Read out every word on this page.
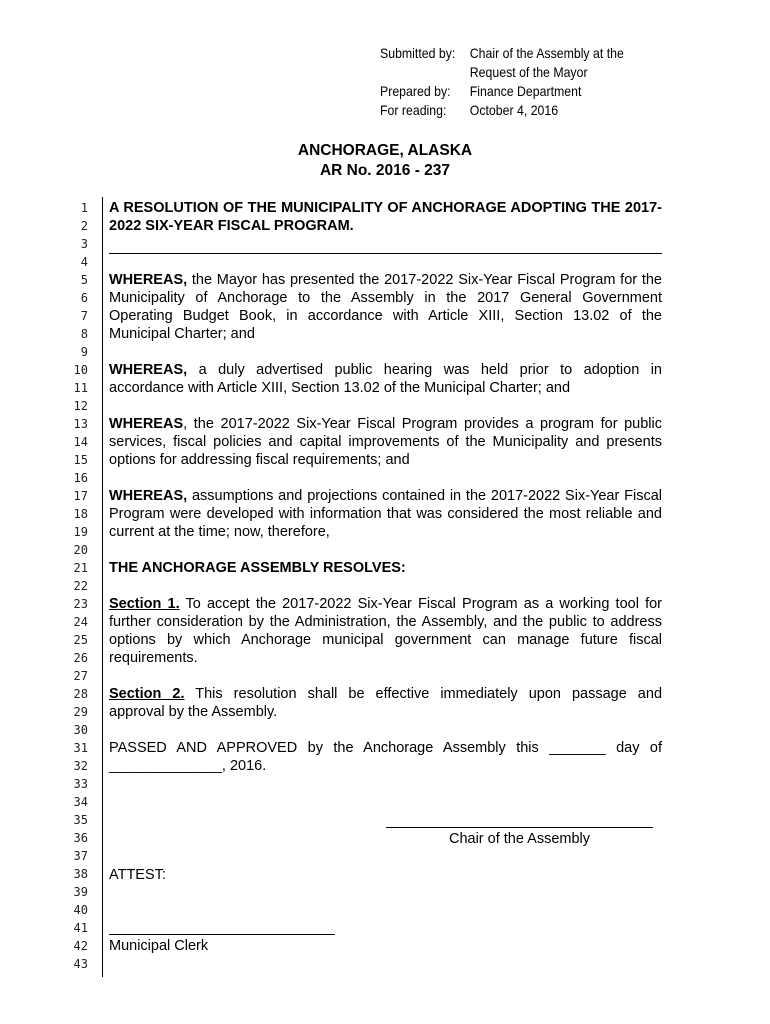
Submitted by:	Chair of the Assembly at the
Request of the Mayor
Prepared by:	Finance Department
For reading:	October 4, 2016
ANCHORAGE, ALASKA
AR No. 2016 - 237
1
2
3
4
5
6
7
8
9
10
11
12
13
14
15
16
17
18
19
20
21
22
23
24
25
26
27
28
29
30
31
32
33
34
35
36
37
38
39
40
41
42
43
A RESOLUTION OF THE MUNICIPALITY OF ANCHORAGE ADOPTING THE 2017-
2022 SIX-YEAR FISCAL PROGRAM.
WHEREAS, the Mayor has presented the 2017-2022 Six-Year Fiscal Program for the
Municipality of Anchorage to the Assembly in the 2017 General Government
Operating Budget Book, in accordance with Article XIII, Section 13.02 of the
Municipal Charter; and
WHEREAS, a duly advertised public hearing was held prior to adoption in
accordance with Article XIII, Section 13.02 of the Municipal Charter; and
WHEREAS, the 2017-2022 Six-Year Fiscal Program provides a program for public
services, fiscal policies and capital improvements of the Municipality and presents
options for addressing fiscal requirements; and
WHEREAS, assumptions and projections contained in the 2017-2022 Six-Year Fiscal
Program were developed with information that was considered the most reliable and
current at the time; now, therefore,
THE ANCHORAGE ASSEMBLY RESOLVES:
Section 1. To accept the 2017-2022 Six-Year Fiscal Program as a working tool for
further consideration by the Administration, the Assembly, and the public to address
options by which Anchorage municipal government can manage future fiscal
requirements.
Section 2. This resolution shall be effective immediately upon passage and
approval by the Assembly.
PASSED AND APPROVED by the Anchorage Assembly this _______ day of
______________, 2016.
Chair of the Assembly
ATTEST:
Municipal Clerk
